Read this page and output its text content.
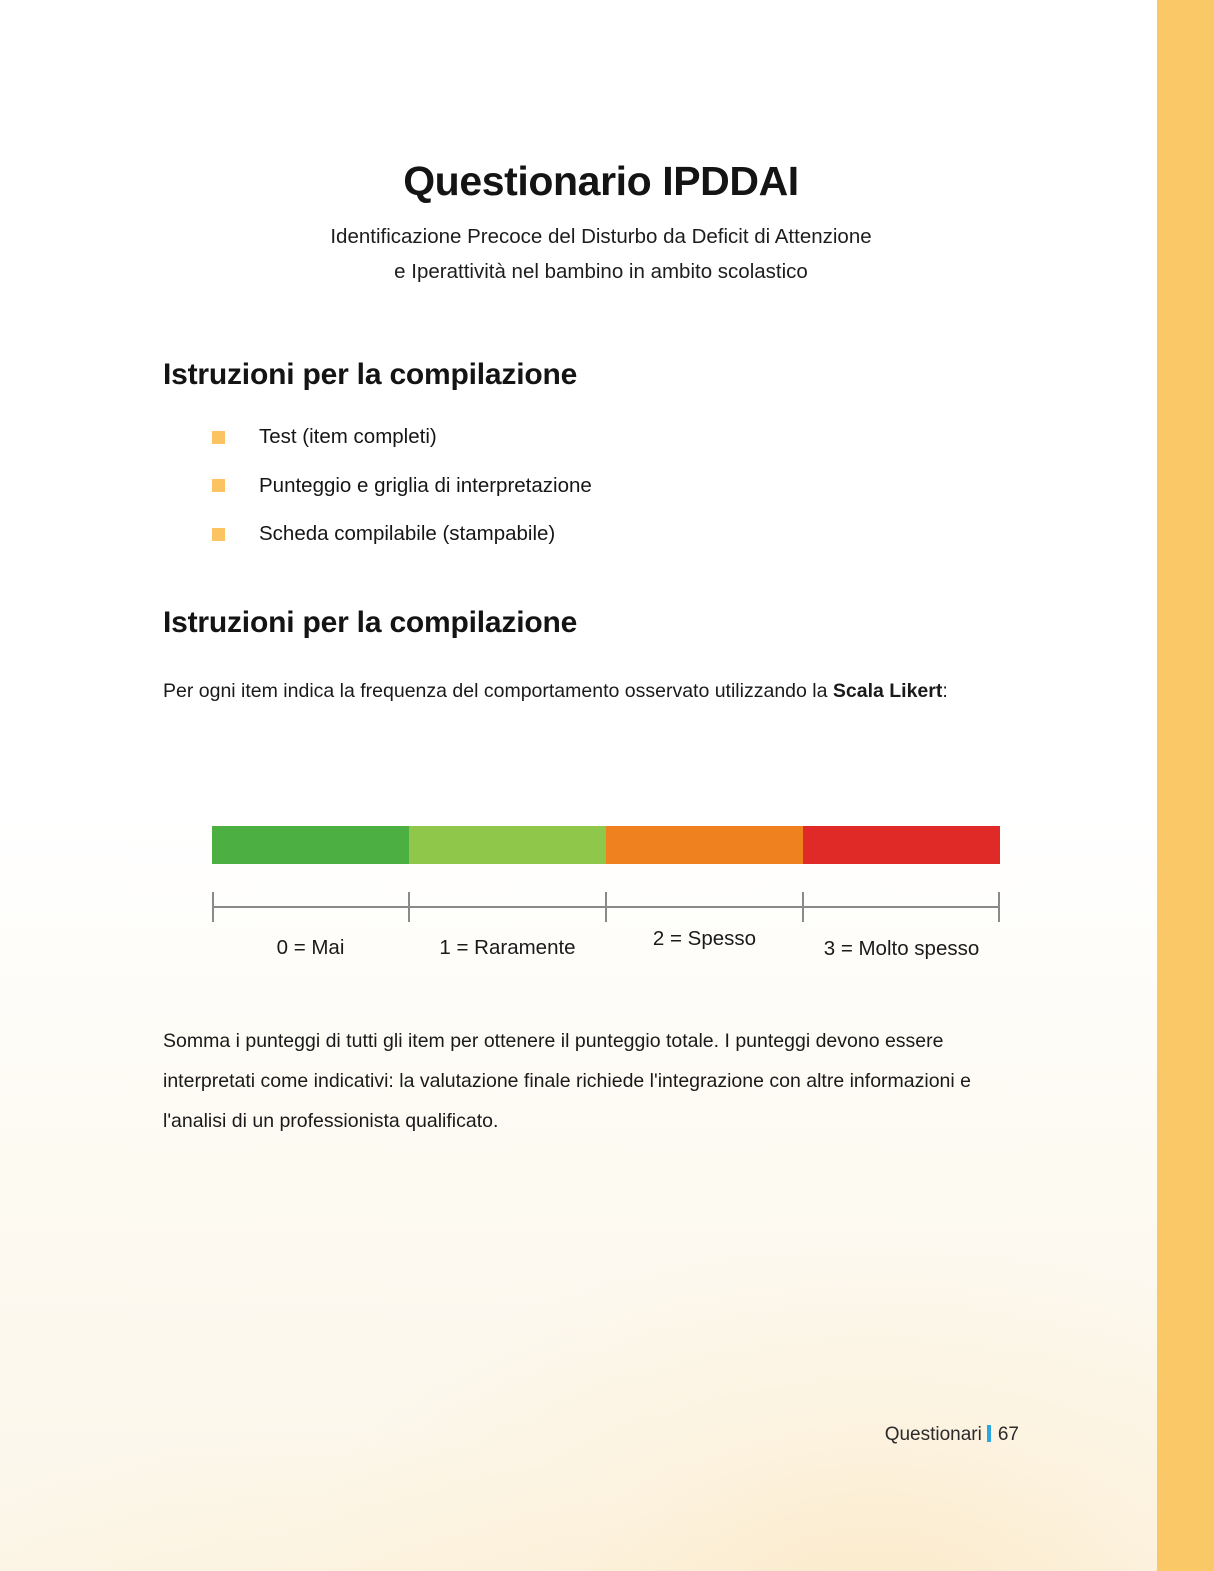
Questionario IPDDAI

Identificazione Precoce del Disturbo da Deficit di Attenzione
e Iperattività nel bambino in ambito scolastico

Istruzioni per la compilazione
Test (item completi)
Punteggio e griglia di interpretazione
Scheda compilabile (stampabile)
Istruzioni per la compilazione

Per ogni item indica la frequenza del comportamento osservato utilizzando la Scala Likert:

0 = Mai	1 = Raramente	2 = Spesso	3 = Molto spesso

Somma i punteggi di tutti gli item per ottenere il punteggio totale. I punteggi devono essere interpretati come indicativi: la valutazione finale richiede l'integrazione con altre informazioni e l'analisi di un professionista qualificato.

Questionari 67
